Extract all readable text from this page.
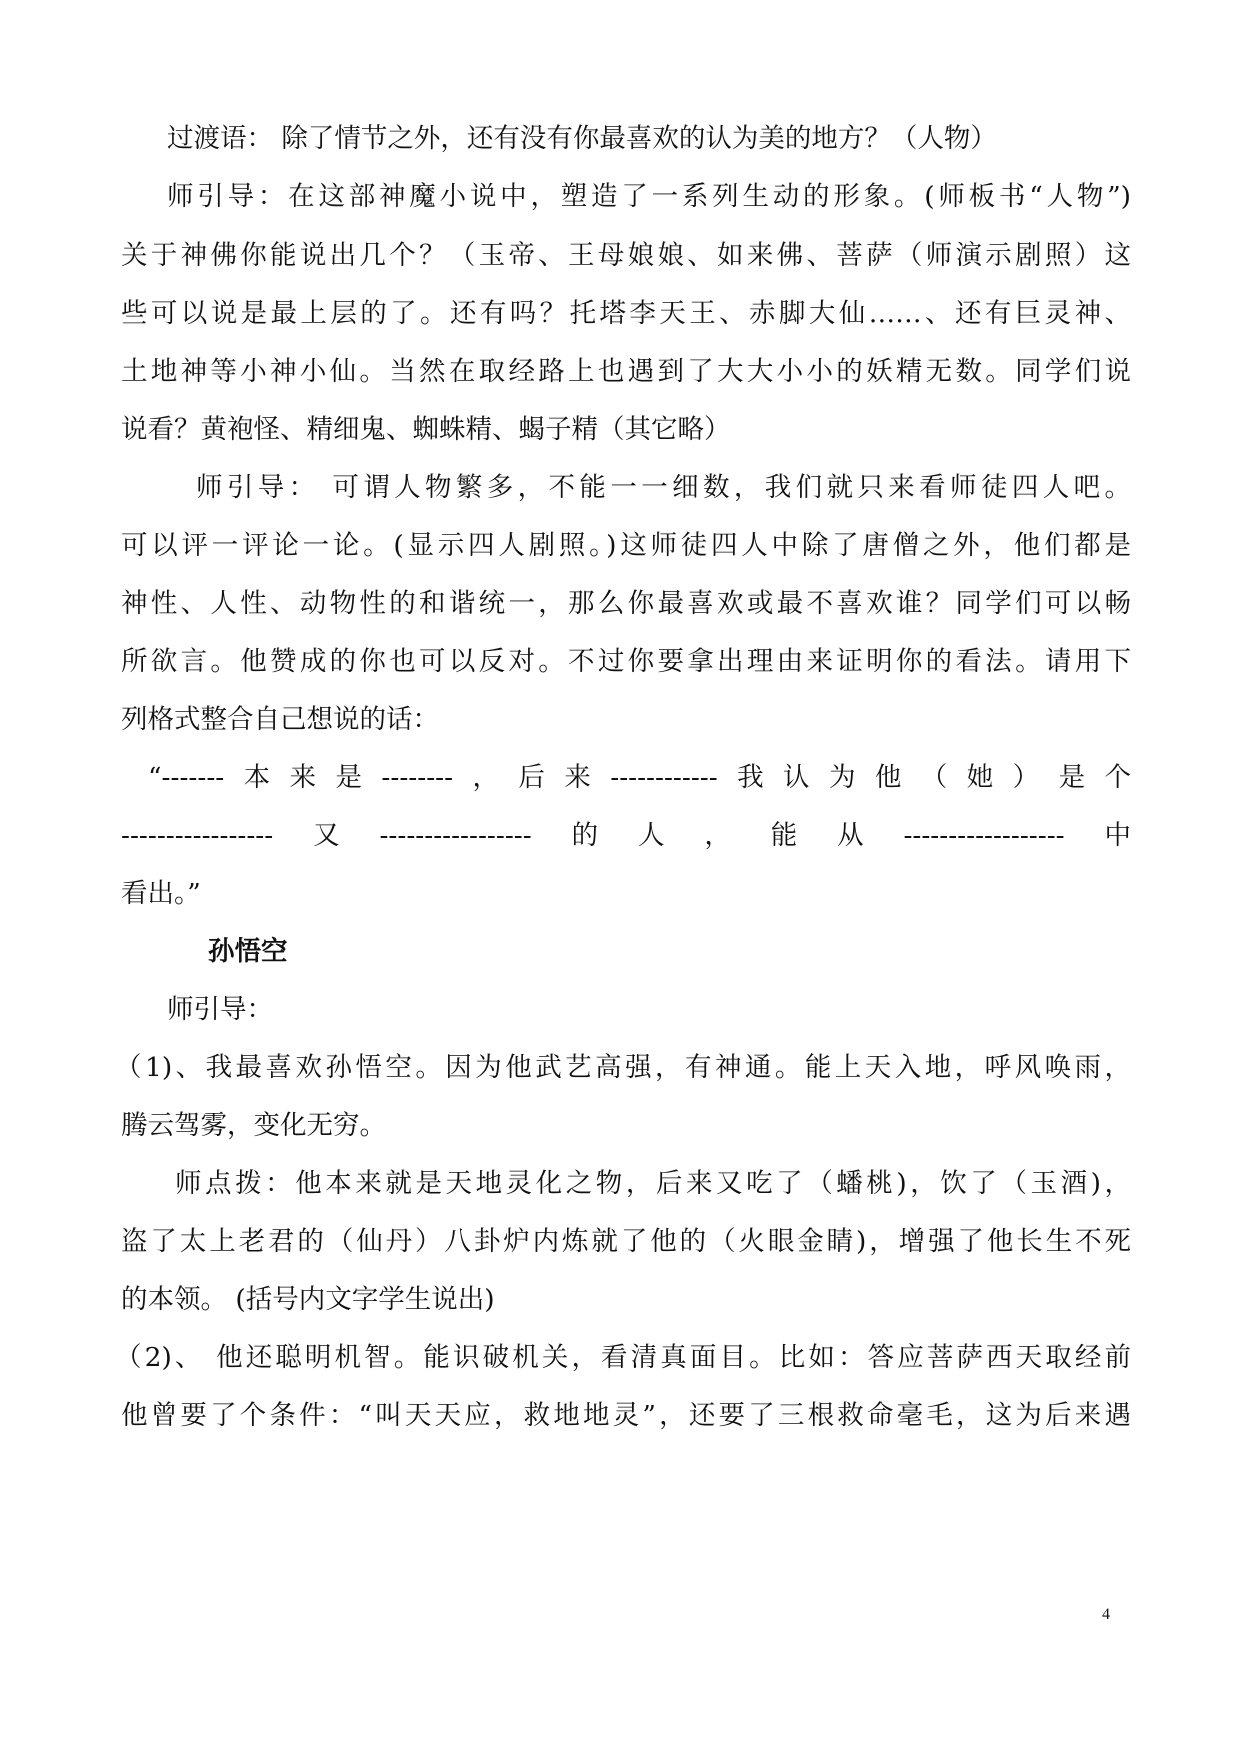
过渡语： 除了情节之外，还有没有你最喜欢的认为美的地方？（人物）
师引导：在这部神魔小说中，塑造了一系列生动的形象。(师板书“人物”)
关于神佛你能说出几个？（玉帝、王母娘娘、如来佛、菩萨（师演示剧照）这
些可以说是最上层的了。还有吗？托塔李天王、赤脚大仙……、还有巨灵神、
土地神等小神小仙。当然在取经路上也遇到了大大小小的妖精无数。同学们说
说看？黄袍怪、精细鬼、蜘蛛精、蝎子精（其它略）
师引导： 可谓人物繁多，不能一一细数，我们就只来看师徒四人吧。
可以评一评论一论。(显示四人剧照。)这师徒四人中除了唐僧之外，他们都是
神性、人性、动物性的和谐统一，那么你最喜欢或最不喜欢谁？同学们可以畅
所欲言。他赞成的你也可以反对。不过你要拿出理由来证明你的看法。请用下
列格式整合自己想说的话：
“-------本来是--------，后来------------我认为他（她）是个
-----------------又-----------------的人，能从------------------中
看出。”
孙悟空
师引导：
（1)、我最喜欢孙悟空。因为他武艺高强，有神通。能上天入地，呼风唤雨，
腾云驾雾，变化无穷。
师点拨：他本来就是天地灵化之物，后来又吃了（蟠桃)，饮了（玉酒)，
盗了太上老君的（仙丹）八卦炉内炼就了他的（火眼金睛)，增强了他长生不死
的本领。 (括号内文字学生说出)
（2)、 他还聪明机智。能识破机关，看清真面目。比如：答应菩萨西天取经前
他曾要了个条件：“叫天天应，救地地灵”，还要了三根救命毫毛，这为后来遇
4
